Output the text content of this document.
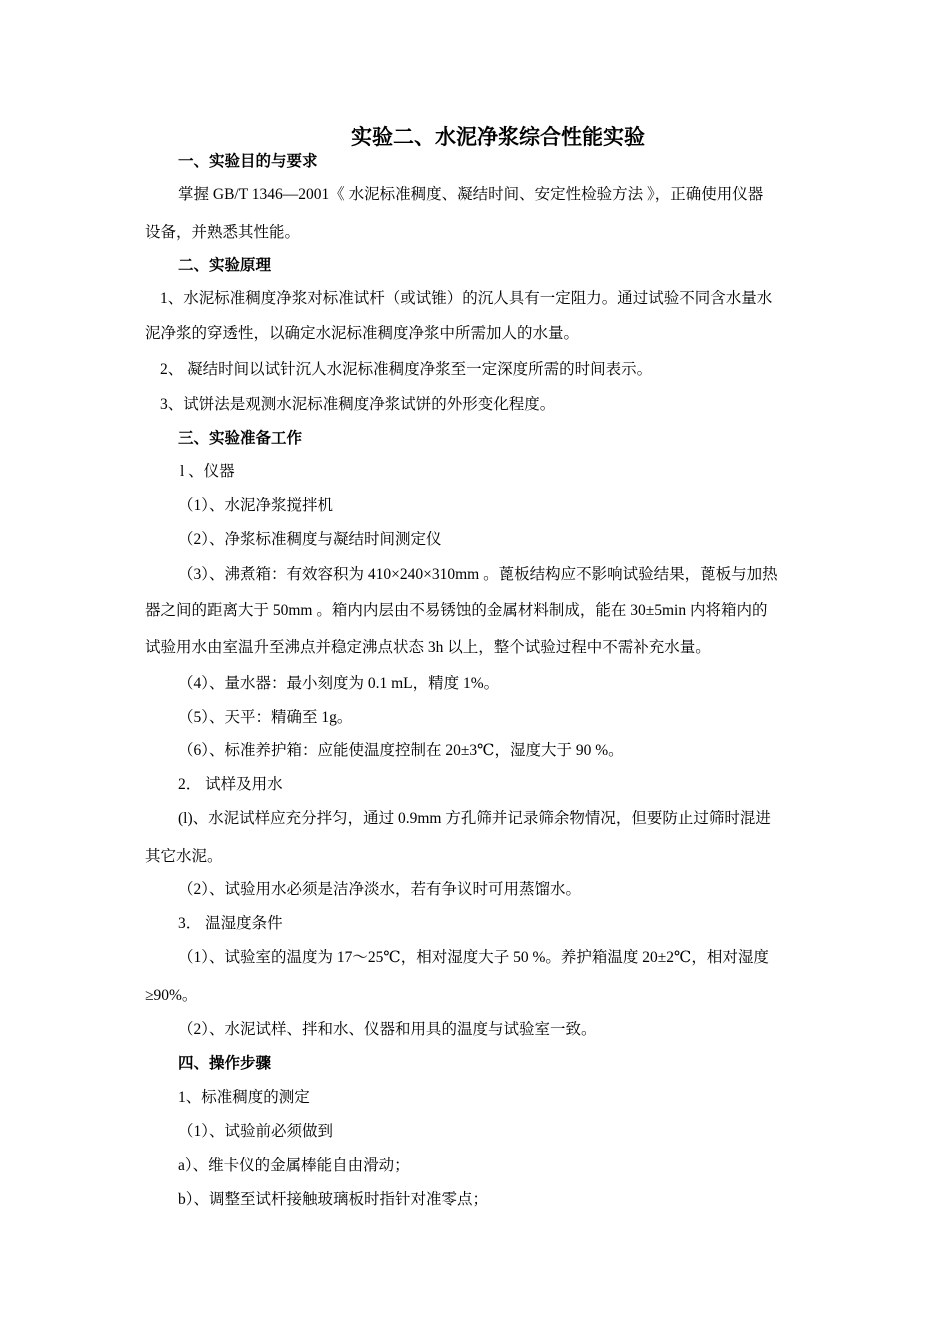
实验二、水泥净浆综合性能实验
一、实验目的与要求
掌握 GB/T 1346—2001《 水泥标准稠度、凝结时间、安定性检验方法 》，正确使用仪器
设备，并熟悉其性能。
二、实验原理
1、水泥标准稠度净浆对标准试杆（或试锥）的沉人具有一定阻力。通过试验不同含水量水
泥净浆的穿透性，以确定水泥标准稠度净浆中所需加人的水量。
2、 凝结时间以试针沉人水泥标准稠度净浆至一定深度所需的时间表示。
3、试饼法是观测水泥标准稠度净浆试饼的外形变化程度。
三、实验准备工作
l 、仪器
（1）、水泥净浆搅拌机
（2）、净浆标准稠度与凝结时间测定仪
（3）、沸煮箱：有效容积为 410×240×310mm 。蓖板结构应不影响试验结果，蓖板与加热
器之间的距离大于 50mm 。箱内内层由不易锈蚀的金属材料制成，能在 30±5min 内将箱内的
试验用水由室温升至沸点并稳定沸点状态 3h 以上，整个试验过程中不需补充水量。
（4）、量水器：最小刻度为 0.1 mL，精度 1%。
（5）、天平：精确至 1g。
（6）、标准养护箱：应能使温度控制在 20±3℃，湿度大于 90 %。
2． 试样及用水
(l)、水泥试样应充分拌匀，通过 0.9mm 方孔筛并记录筛余物情况，但要防止过筛时混进
其它水泥。
（2）、试验用水必须是洁净淡水，若有争议时可用蒸馏水。
3． 温湿度条件
（1）、试验室的温度为 17～25℃，相对湿度大子 50 %。养护箱温度 20±2℃，相对湿度
≥90%。
（2）、水泥试样、拌和水、仪器和用具的温度与试验室一致。
四、操作步骤
1、标准稠度的测定
（1）、试验前必须做到
a）、维卡仪的金属棒能自由滑动；
b）、调整至试杆接触玻璃板时指针对准零点；
